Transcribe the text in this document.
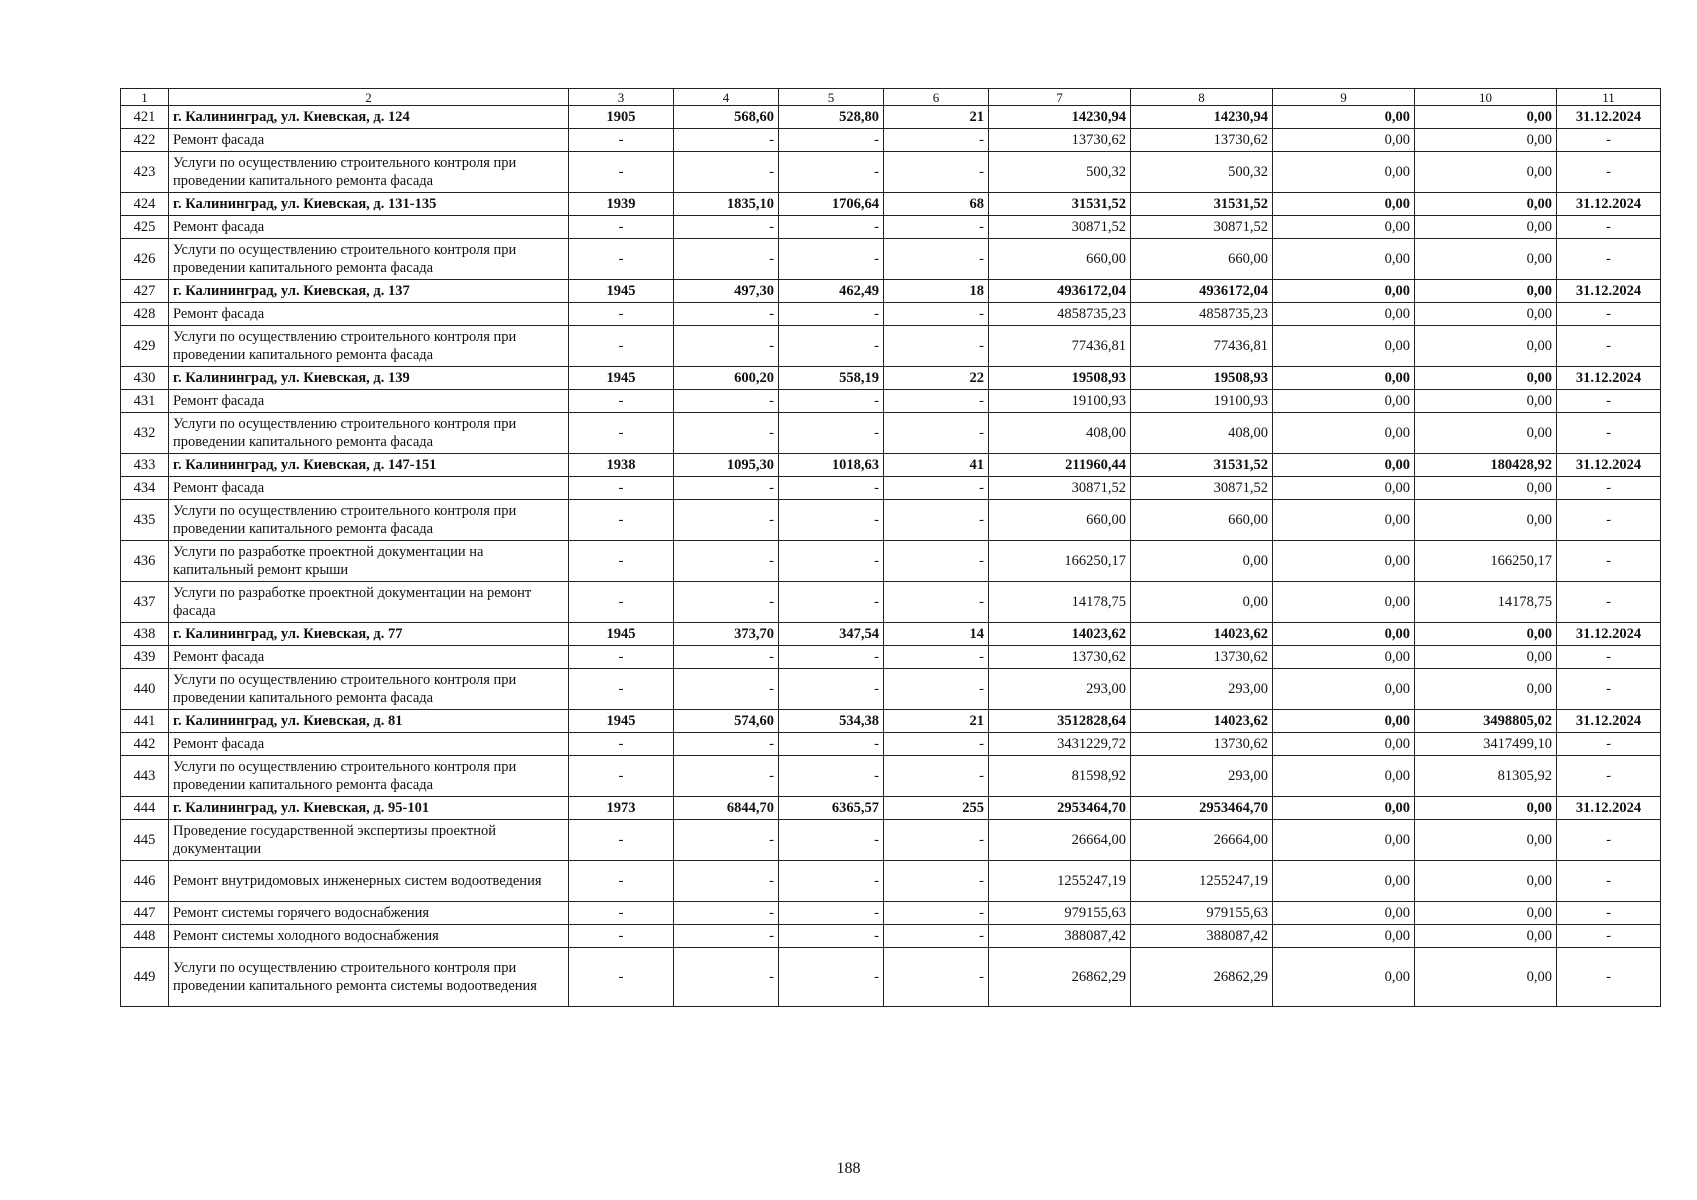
1	2	3	4	5	6	7	8	9	10	11
421	г. Калининград, ул. Киевская, д. 124	1905	568,60	528,80	21	14230,94	14230,94	0,00	0,00	31.12.2024
422	Ремонт фасада	-	-	-	-	13730,62	13730,62	0,00	0,00	-
423	Услуги по осуществлению строительного контроля при проведении капитального ремонта фасада	-	-	-	-	500,32	500,32	0,00	0,00	-
424	г. Калининград, ул. Киевская, д. 131-135	1939	1835,10	1706,64	68	31531,52	31531,52	0,00	0,00	31.12.2024
425	Ремонт фасада	-	-	-	-	30871,52	30871,52	0,00	0,00	-
426	Услуги по осуществлению строительного контроля при проведении капитального ремонта фасада	-	-	-	-	660,00	660,00	0,00	0,00	-
427	г. Калининград, ул. Киевская, д. 137	1945	497,30	462,49	18	4936172,04	4936172,04	0,00	0,00	31.12.2024
428	Ремонт фасада	-	-	-	-	4858735,23	4858735,23	0,00	0,00	-
429	Услуги по осуществлению строительного контроля при проведении капитального ремонта фасада	-	-	-	-	77436,81	77436,81	0,00	0,00	-
430	г. Калининград, ул. Киевская, д. 139	1945	600,20	558,19	22	19508,93	19508,93	0,00	0,00	31.12.2024
431	Ремонт фасада	-	-	-	-	19100,93	19100,93	0,00	0,00	-
432	Услуги по осуществлению строительного контроля при проведении капитального ремонта фасада	-	-	-	-	408,00	408,00	0,00	0,00	-
433	г. Калининград, ул. Киевская, д. 147-151	1938	1095,30	1018,63	41	211960,44	31531,52	0,00	180428,92	31.12.2024
434	Ремонт фасада	-	-	-	-	30871,52	30871,52	0,00	0,00	-
435	Услуги по осуществлению строительного контроля при проведении капитального ремонта фасада	-	-	-	-	660,00	660,00	0,00	0,00	-
436	Услуги по разработке проектной документации на капитальный ремонт крыши	-	-	-	-	166250,17	0,00	0,00	166250,17	-
437	Услуги по разработке проектной документации на ремонт фасада	-	-	-	-	14178,75	0,00	0,00	14178,75	-
438	г. Калининград, ул. Киевская, д. 77	1945	373,70	347,54	14	14023,62	14023,62	0,00	0,00	31.12.2024
439	Ремонт фасада	-	-	-	-	13730,62	13730,62	0,00	0,00	-
440	Услуги по осуществлению строительного контроля при проведении капитального ремонта фасада	-	-	-	-	293,00	293,00	0,00	0,00	-
441	г. Калининград, ул. Киевская, д. 81	1945	574,60	534,38	21	3512828,64	14023,62	0,00	3498805,02	31.12.2024
442	Ремонт фасада	-	-	-	-	3431229,72	13730,62	0,00	3417499,10	-
443	Услуги по осуществлению строительного контроля при проведении капитального ремонта фасада	-	-	-	-	81598,92	293,00	0,00	81305,92	-
444	г. Калининград, ул. Киевская, д. 95-101	1973	6844,70	6365,57	255	2953464,70	2953464,70	0,00	0,00	31.12.2024
445	Проведение государственной экспертизы проектной документации	-	-	-	-	26664,00	26664,00	0,00	0,00	-
446	Ремонт внутридомовых инженерных систем водоотведения	-	-	-	-	1255247,19	1255247,19	0,00	0,00	-
447	Ремонт системы горячего водоснабжения	-	-	-	-	979155,63	979155,63	0,00	0,00	-
448	Ремонт системы холодного водоснабжения	-	-	-	-	388087,42	388087,42	0,00	0,00	-
449	Услуги по осуществлению строительного контроля при проведении капитального ремонта системы водоотведения	-	-	-	-	26862,29	26862,29	0,00	0,00	-
188
